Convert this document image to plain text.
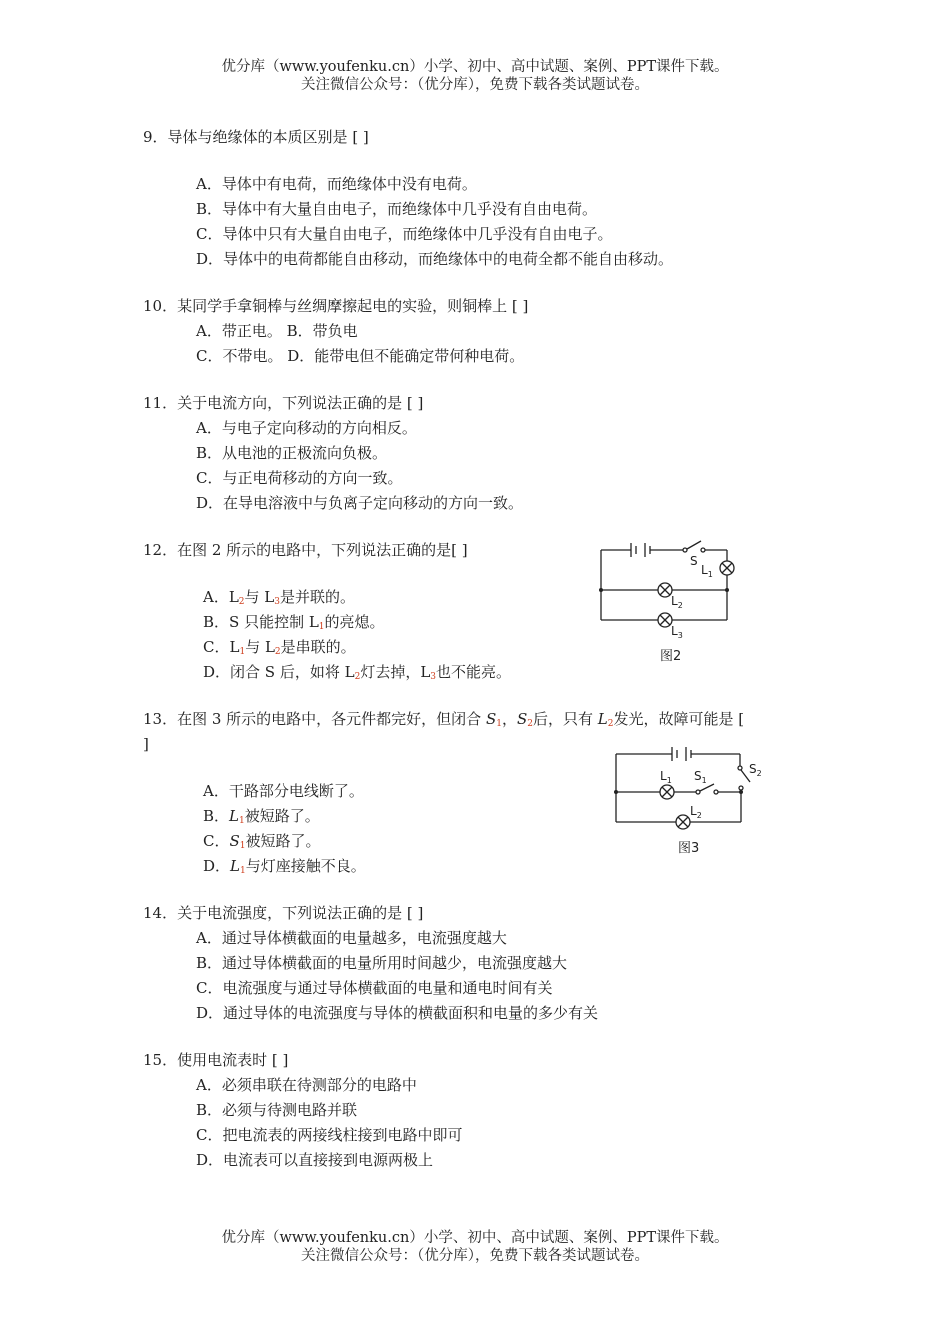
优分库（www.youfenku.cn）小学、初中、高中试题、案例、PPT课件下载。
关注微信公众号：（优分库），免费下载各类试题试卷。
9．导体与绝缘体的本质区别是 [ ]
A．导体中有电荷，而绝缘体中没有电荷。
B．导体中有大量自由电子，而绝缘体中几乎没有自由电荷。
C．导体中只有大量自由电子，而绝缘体中几乎没有自由电子。
D．导体中的电荷都能自由移动，而绝缘体中的电荷全都不能自由移动。
10．某同学手拿铜棒与丝绸摩擦起电的实验，则铜棒上 [ ]
A．带正电。 B．带负电
C．不带电。 D．能带电但不能确定带何种电荷。
11．关于电流方向，下列说法正确的是 [ ]
A．与电子定向移动的方向相反。
B．从电池的正极流向负极。
C．与正电荷移动的方向一致。
D．在导电溶液中与负离子定向移动的方向一致。
12．在图 2 所示的电路中，下列说法正确的是[ ]
A．$L_2$与 $L_3$是并联的。
B．S 只能控制 $L_1$的亮熄。
C．$L_1$与 $L_2$是串联的。
D．闭合 S 后，如将 $L_2$灯去掉，$L_3$也不能亮。
S
$L_1$
$L_2$
$L_3$
图2
13．在图 3 所示的电路中，各元件都完好，但闭合 $S_1$，$S_2$后，只有 $L_2$发光，故障可能是 [
]
A．干路部分电线断了。
B．$L_1$被短路了。
C．$S_1$被短路了。
D．$L_1$与灯座接触不良。
$L_1$ $S_1$
$S_2$
$L_2$
图3
14．关于电流强度，下列说法正确的是 [ ]
A．通过导体横截面的电量越多，电流强度越大
B．通过导体横截面的电量所用时间越少，电流强度越大
C．电流强度与通过导体横截面的电量和通电时间有关
D．通过导体的电流强度与导体的横截面积和电量的多少有关
15．使用电流表时 [ ]
A．必须串联在待测部分的电路中
B．必须与待测电路并联
C．把电流表的两接线柱接到电路中即可
D．电流表可以直接接到电源两极上
优分库（www.youfenku.cn）小学、初中、高中试题、案例、PPT课件下载。
关注微信公众号：（优分库），免费下载各类试题试卷。
